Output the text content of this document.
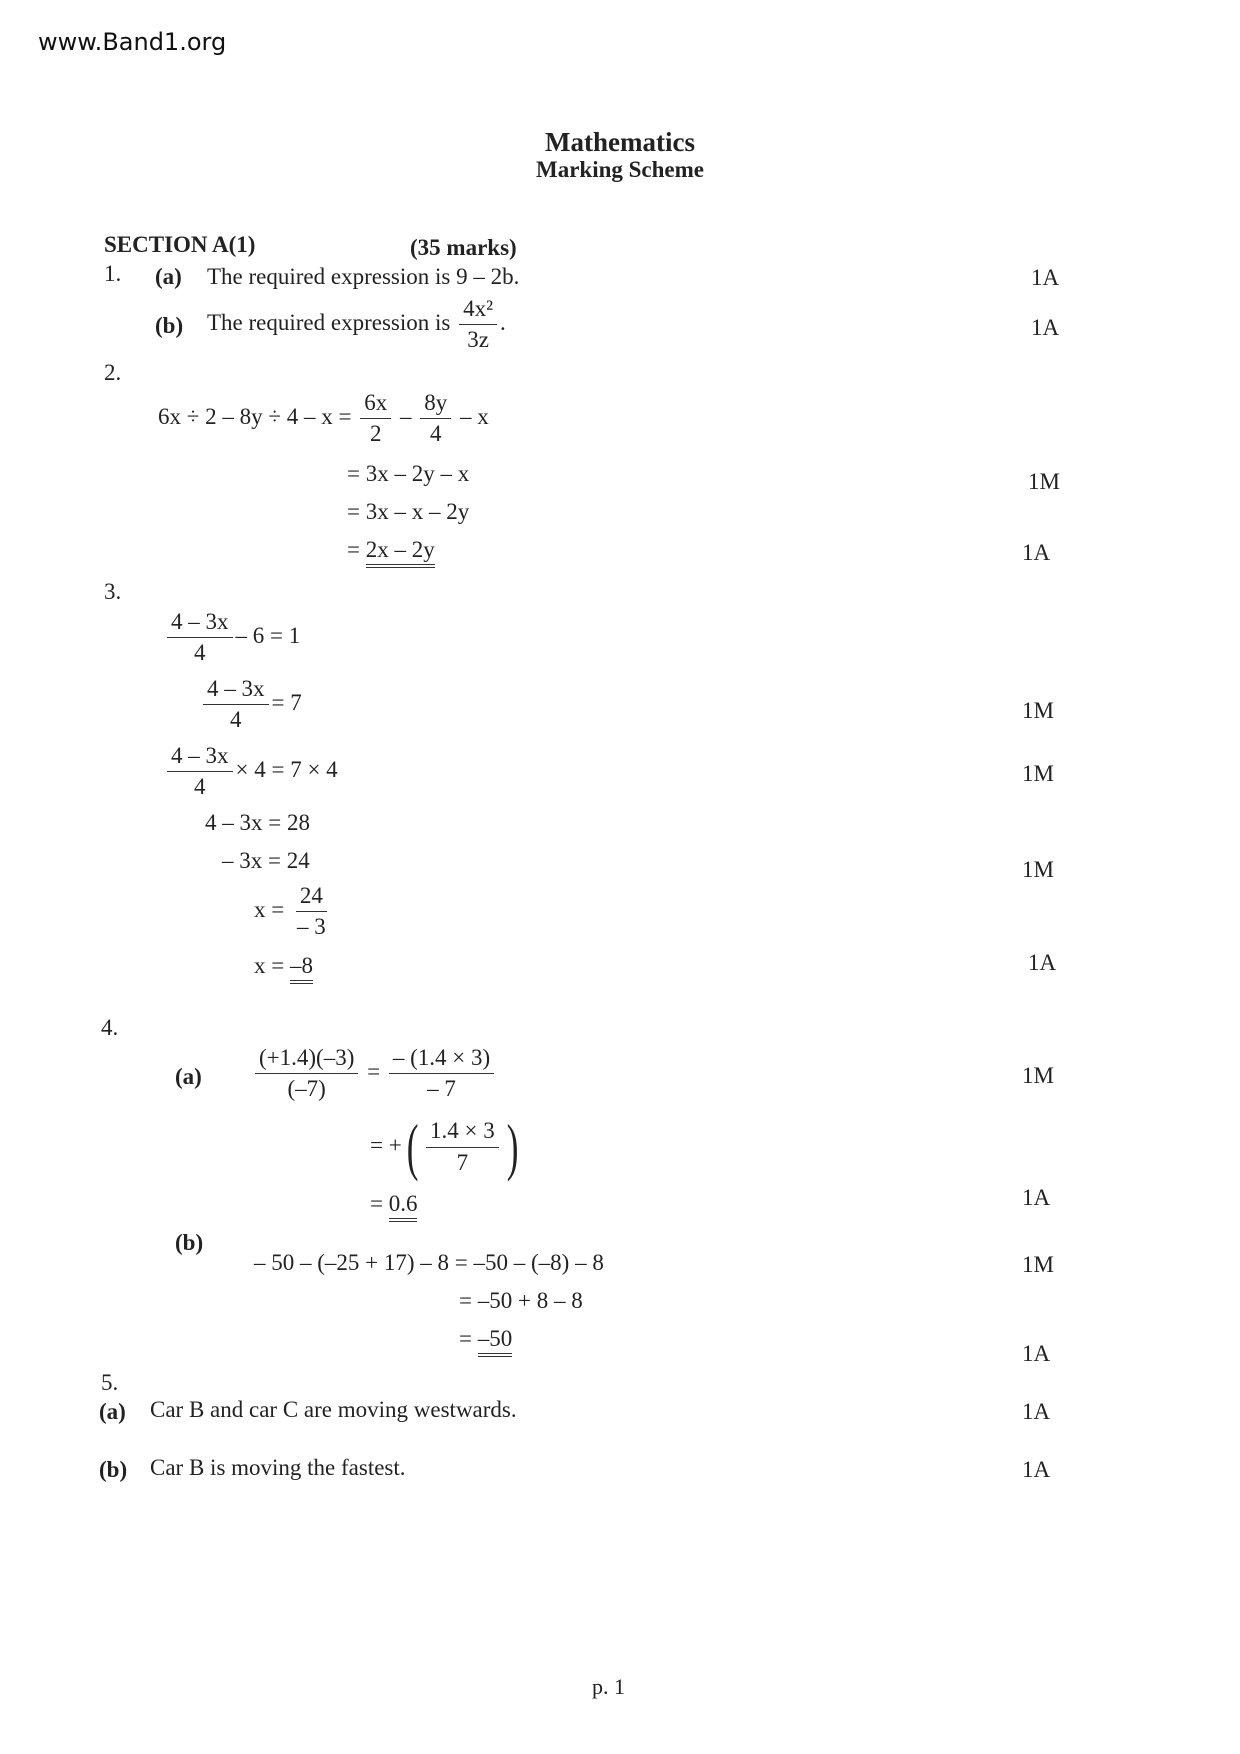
www.Band1.org
Mathematics
Marking Scheme
SECTION A(1)	(35 marks)
1. (a) The required expression is 9 – 2b.	1A
(b) The required expression is $\frac{\text{4x²}}{3z}$ .	1A
2.
$6x \div 2 - 8y \div 4 - x = \frac{6x}{2} - \frac{8y}{4} - x$
= 3x – 2y – x	1M
= 3x – x – 2y
= 2x – 2y	1A
3.
$\frac{4 - 3x}{4} - 6 = 1$
$\frac{4 - 3x}{4} = 7$	1M
$\frac{4 - 3x}{4} \times 4 = 7 \times 4$	1M
4 – 3x = 28
– 3x = 24	1M
$x = \frac{24}{- 3}$
x = –8	1A
4.
$(a) \frac{(+1.4)(-3)}{(-7)} = \frac{- (1.4 \times 3)}{- 7}$	1M
= +( $\frac{1.4 \times 3}{7}$ )
= 0.6	1A
(b)
– 50 – (–25 + 17) – 8 = –50 – (–8) – 8	1M
= –50 + 8 – 8
= –50
1A
5.
(a) Car B and car C are moving westwards.	1A
(b) Car B is moving the fastest.	1A
p. 1
